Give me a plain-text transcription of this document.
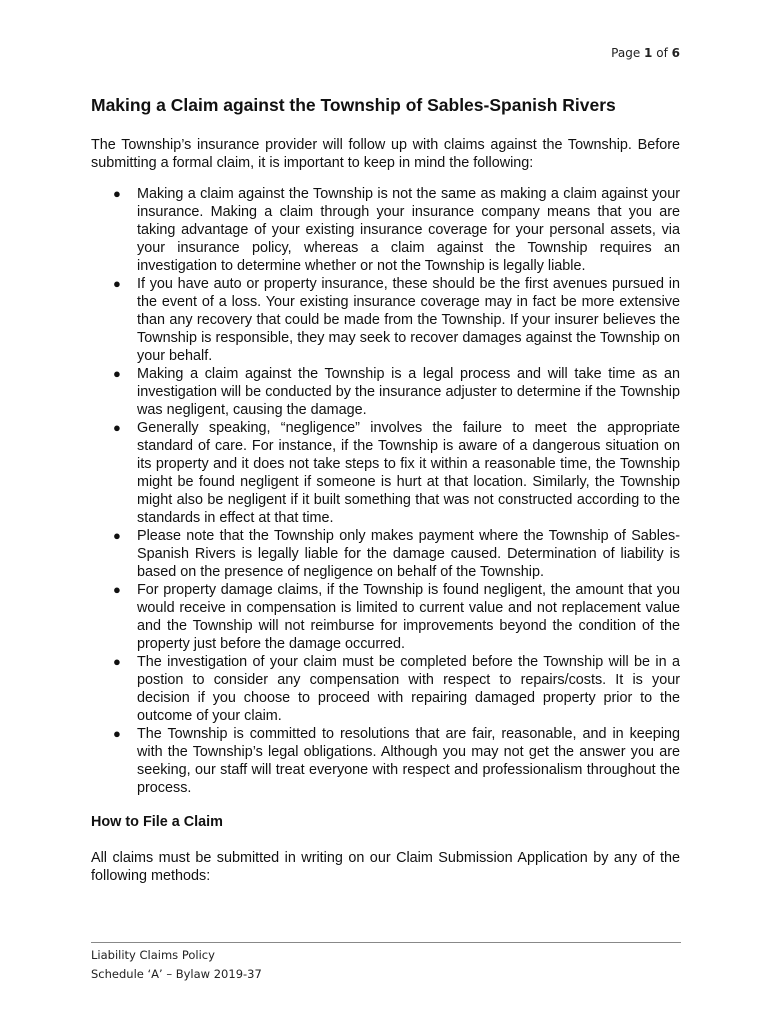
Page 1 of 6
Making a Claim against the Township of Sables-Spanish Rivers

The Township’s insurance provider will follow up with claims against the Township. Before submitting a formal claim, it is important to keep in mind the following:

● Making a claim against the Township is not the same as making a claim against your insurance. Making a claim through your insurance company means that you are taking advantage of your existing insurance coverage for your personal assets, via your insurance policy, whereas a claim against the Township requires an investigation to determine whether or not the Township is legally liable.
● If you have auto or property insurance, these should be the first avenues pursued in the event of a loss. Your existing insurance coverage may in fact be more extensive than any recovery that could be made from the Township. If your insurer believes the Township is responsible, they may seek to recover damages against the Township on your behalf.
● Making a claim against the Township is a legal process and will take time as an investigation will be conducted by the insurance adjuster to determine if the Township was negligent, causing the damage.
● Generally speaking, “negligence” involves the failure to meet the appropriate standard of care. For instance, if the Township is aware of a dangerous situation on its property and it does not take steps to fix it within a reasonable time, the Township might be found negligent if someone is hurt at that location. Similarly, the Township might also be negligent if it built something that was not constructed according to the standards in effect at that time.
● Please note that the Township only makes payment where the Township of Sables-Spanish Rivers is legally liable for the damage caused. Determination of liability is based on the presence of negligence on behalf of the Township.
● For property damage claims, if the Township is found negligent, the amount that you would receive in compensation is limited to current value and not replacement value and the Township will not reimburse for improvements beyond the condition of the property just before the damage occurred.
● The investigation of your claim must be completed before the Township will be in a postion to consider any compensation with respect to repairs/costs. It is your decision if you choose to proceed with repairing damaged property prior to the outcome of your claim.
● The Township is committed to resolutions that are fair, reasonable, and in keeping with the Township’s legal obligations. Although you may not get the answer you are seeking, our staff will treat everyone with respect and professionalism throughout the process.
How to File a Claim

All claims must be submitted in writing on our Claim Submission Application by any of the following methods:

Liability Claims Policy
Schedule ‘A’ – Bylaw 2019-37
